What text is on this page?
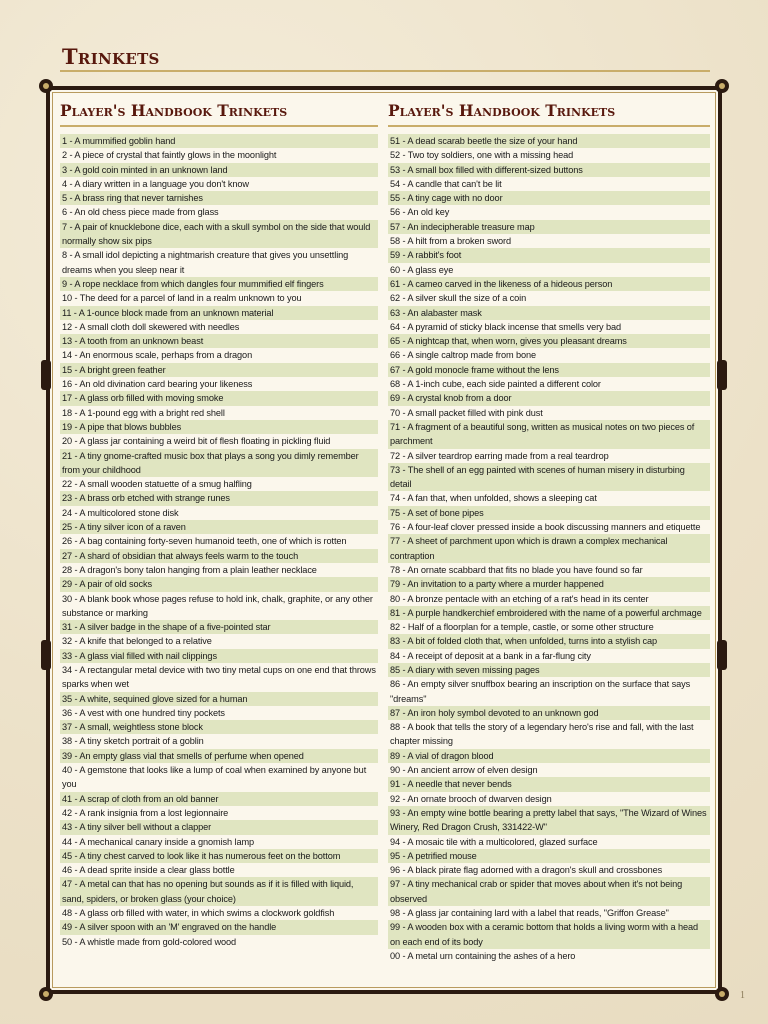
Trinkets
Player's Handbook Trinkets
1 - A mummified goblin hand
2 - A piece of crystal that faintly glows in the moonlight
3 - A gold coin minted in an unknown land
4 - A diary written in a language you don't know
5 - A brass ring that never tarnishes
6 - An old chess piece made from glass
7 - A pair of knucklebone dice, each with a skull symbol on the side that would normally show six pips
8 - A small idol depicting a nightmarish creature that gives you unsettling dreams when you sleep near it
9 - A rope necklace from which dangles four mummified elf fingers
10 - The deed for a parcel of land in a realm unknown to you
11 - A 1-ounce block made from an unknown material
12 - A small cloth doll skewered with needles
13 - A tooth from an unknown beast
14 - An enormous scale, perhaps from a dragon
15 - A bright green feather
16 - An old divination card bearing your likeness
17 - A glass orb filled with moving smoke
18 - A 1-pound egg with a bright red shell
19 - A pipe that blows bubbles
20 - A glass jar containing a weird bit of flesh floating in pickling fluid
21 - A tiny gnome-crafted music box that plays a song you dimly remember from your childhood
22 - A small wooden statuette of a smug halfling
23 - A brass orb etched with strange runes
24 - A multicolored stone disk
25 - A tiny silver icon of a raven
26 - A bag containing forty-seven humanoid teeth, one of which is rotten
27 - A shard of obsidian that always feels warm to the touch
28 - A dragon's bony talon hanging from a plain leather necklace
29 - A pair of old socks
30 - A blank book whose pages refuse to hold ink, chalk, graphite, or any other substance or marking
31 - A silver badge in the shape of a five-pointed star
32 - A knife that belonged to a relative
33 - A glass vial filled with nail clippings
34 - A rectangular metal device with two tiny metal cups on one end that throws sparks when wet
35 - A white, sequined glove sized for a human
36 - A vest with one hundred tiny pockets
37 - A small, weightless stone block
38 - A tiny sketch portrait of a goblin
39 - An empty glass vial that smells of perfume when opened
40 - A gemstone that looks like a lump of coal when examined by anyone but you
41 - A scrap of cloth from an old banner
42 - A rank insignia from a lost legionnaire
43 - A tiny silver bell without a clapper
44 - A mechanical canary inside a gnomish lamp
45 - A tiny chest carved to look like it has numerous feet on the bottom
46 - A dead sprite inside a clear glass bottle
47 - A metal can that has no opening but sounds as if it is filled with liquid, sand, spiders, or broken glass (your choice)
48 - A glass orb filled with water, in which swims a clockwork goldfish
49 - A silver spoon with an 'M' engraved on the handle
50 - A whistle made from gold-colored wood
Player's Handbook Trinkets
51 - A dead scarab beetle the size of your hand
52 - Two toy soldiers, one with a missing head
53 - A small box filled with different-sized buttons
54 - A candle that can't be lit
55 - A tiny cage with no door
56 - An old key
57 - An indecipherable treasure map
58 - A hilt from a broken sword
59 - A rabbit's foot
60 - A glass eye
61 - A cameo carved in the likeness of a hideous person
62 - A silver skull the size of a coin
63 - An alabaster mask
64 - A pyramid of sticky black incense that smells very bad
65 - A nightcap that, when worn, gives you pleasant dreams
66 - A single caltrop made from bone
67 - A gold monocle frame without the lens
68 - A 1-inch cube, each side painted a different color
69 - A crystal knob from a door
70 - A small packet filled with pink dust
71 - A fragment of a beautiful song, written as musical notes on two pieces of parchment
72 - A silver teardrop earring made from a real teardrop
73 - The shell of an egg painted with scenes of human misery in disturbing detail
74 - A fan that, when unfolded, shows a sleeping cat
75 - A set of bone pipes
76 - A four-leaf clover pressed inside a book discussing manners and etiquette
77 - A sheet of parchment upon which is drawn a complex mechanical contraption
78 - An ornate scabbard that fits no blade you have found so far
79 - An invitation to a party where a murder happened
80 - A bronze pentacle with an etching of a rat's head in its center
81 - A purple handkerchief embroidered with the name of a powerful archmage
82 - Half of a floorplan for a temple, castle, or some other structure
83 - A bit of folded cloth that, when unfolded, turns into a stylish cap
84 - A receipt of deposit at a bank in a far-flung city
85 - A diary with seven missing pages
86 - An empty silver snuffbox bearing an inscription on the surface that says "dreams"
87 - An iron holy symbol devoted to an unknown god
88 - A book that tells the story of a legendary hero's rise and fall, with the last chapter missing
89 - A vial of dragon blood
90 - An ancient arrow of elven design
91 - A needle that never bends
92 - An ornate brooch of dwarven design
93 - An empty wine bottle bearing a pretty label that says, "The Wizard of Wines Winery, Red Dragon Crush, 331422-W"
94 - A mosaic tile with a multicolored, glazed surface
95 - A petrified mouse
96 - A black pirate flag adorned with a dragon's skull and crossbones
97 - A tiny mechanical crab or spider that moves about when it's not being observed
98 - A glass jar containing lard with a label that reads, "Griffon Grease"
99 - A wooden box with a ceramic bottom that holds a living worm with a head on each end of its body
00 - A metal urn containing the ashes of a hero
1
